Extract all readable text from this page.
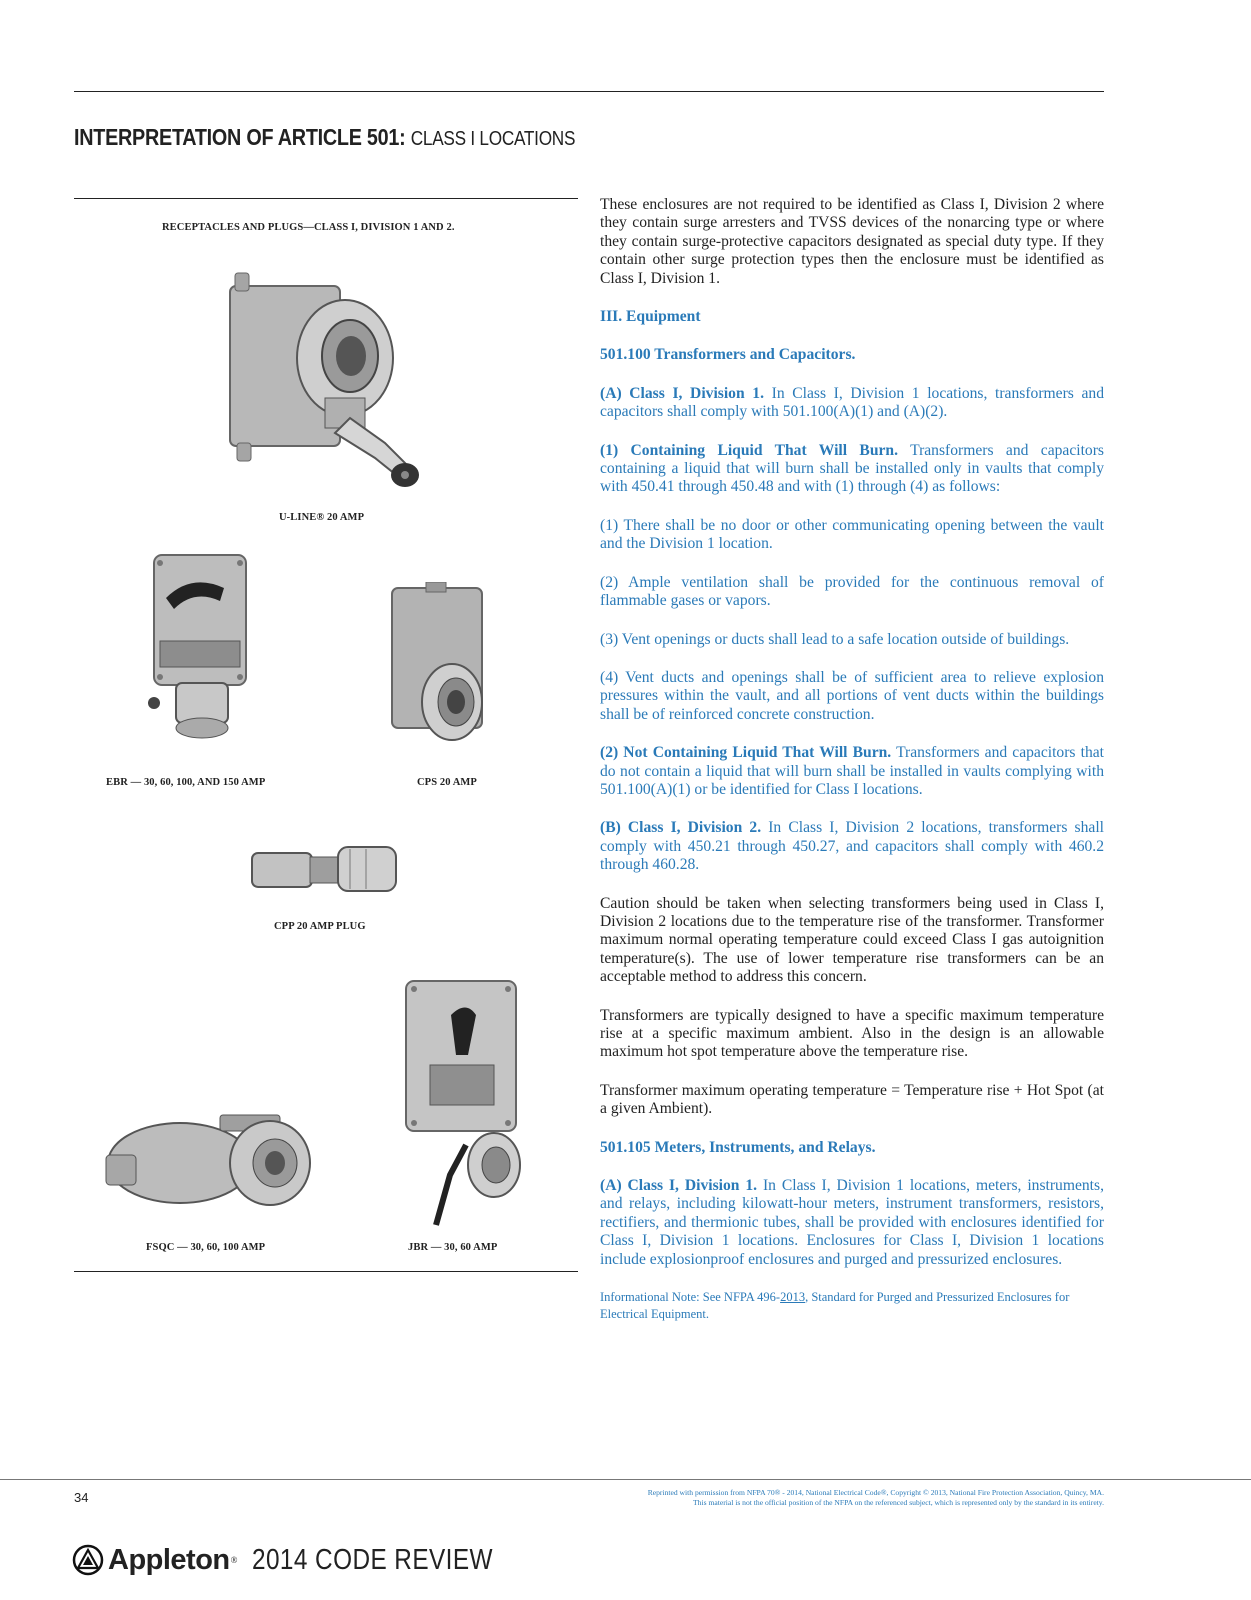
INTERPRETATION OF ARTICLE 501: CLASS I LOCATIONS
RECEPTACLES AND PLUGS—CLASS I, DIVISION 1 AND 2.
U-LINE® 20 AMP
EBR — 30, 60, 100, AND 150 AMP	CPS 20 AMP
CPP 20 AMP PLUG
FSQC — 30, 60, 100 AMP	JBR — 30, 60 AMP

These enclosures are not required to be identified as Class I, Division 2 where they contain surge arresters and TVSS devices of the nonarcing type or where they contain surge-protective capacitors designated as special duty type. If they contain other surge protection types then the enclosure must be identified as Class I, Division 1.

III. Equipment

501.100 Transformers and Capacitors.

(A) Class I, Division 1. In Class I, Division 1 locations, transformers and capacitors shall comply with 501.100(A)(1) and (A)(2).

(1) Containing Liquid That Will Burn. Transformers and capacitors containing a liquid that will burn shall be installed only in vaults that comply with 450.41 through 450.48 and with (1) through (4) as follows:

(1) There shall be no door or other communicating opening between the vault and the Division 1 location.

(2) Ample ventilation shall be provided for the continuous removal of flammable gases or vapors.

(3) Vent openings or ducts shall lead to a safe location outside of buildings.

(4) Vent ducts and openings shall be of sufficient area to relieve explosion pressures within the vault, and all portions of vent ducts within the buildings shall be of reinforced concrete construction.

(2) Not Containing Liquid That Will Burn. Transformers and capacitors that do not contain a liquid that will burn shall be installed in vaults complying with 501.100(A)(1) or be identified for Class I locations.

(B) Class I, Division 2. In Class I, Division 2 locations, transformers shall comply with 450.21 through 450.27, and capacitors shall comply with 460.2 through 460.28.

Caution should be taken when selecting transformers being used in Class I, Division 2 locations due to the temperature rise of the transformer. Transformer maximum normal operating temperature could exceed Class I gas autoignition temperature(s). The use of lower temperature rise transformers can be an acceptable method to address this concern.

Transformers are typically designed to have a specific maximum temperature rise at a specific maximum ambient. Also in the design is an allowable maximum hot spot temperature above the temperature rise.

Transformer maximum operating temperature = Temperature rise + Hot Spot (at a given Ambient).

501.105 Meters, Instruments, and Relays.

(A) Class I, Division 1. In Class I, Division 1 locations, meters, instruments, and relays, including kilowatt-hour meters, instrument transformers, resistors, rectifiers, and thermionic tubes, shall be provided with enclosures identified for Class I, Division 1 locations. Enclosures for Class I, Division 1 locations include explosionproof enclosures and purged and pressurized enclosures.

Informational Note: See NFPA 496-2013, Standard for Purged and Pressurized Enclosures for Electrical Equipment.

34	Reprinted with permission from NFPA 70® - 2014, National Electrical Code®, Copyright © 2013, National Fire Protection Association, Quincy, MA.
This material is not the official position of the NFPA on the referenced subject, which is represented only by the standard in its entirety.
Appleton ® 2014 CODE REVIEW
